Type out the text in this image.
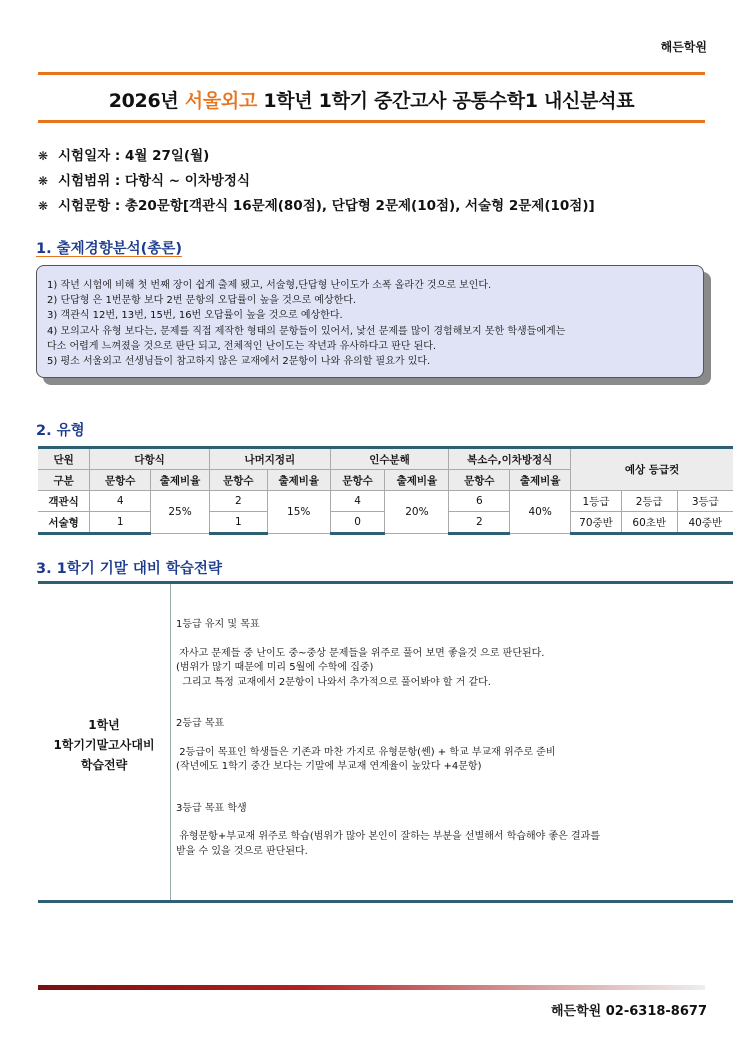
해든학원
2026년 서울외고 1학년 1학기 중간고사 공통수학1 내신분석표
❋ 시험일자 : 4월 27일(월)
❋ 시험범위 : 다항식 ~ 이차방정식
❋ 시험문항 : 총20문항[객관식 16문제(80점), 단답형 2문제(10점), 서술형 2문제(10점)]
1. 출제경향분석(총론)
1) 작년 시험에 비해 첫 번째 장이 쉽게 출제 됐고, 서술형,단답형 난이도가 소폭 올라간 것으로 보인다.
2) 단답형 은 1번문항 보다 2번 문항의 오답률이 높을 것으로 예상한다.
3) 객관식 12번, 13번, 15번, 16번 오답률이 높을 것으로 예상한다.
4) 모의고사 유형 보다는, 문제를 직접 제작한 형태의 문항들이 있어서, 낯선 문제를 많이 경험해보지 못한 학생들에게는
다소 어렵게 느껴졌을 것으로 판단 되고, 전체적인 난이도는 작년과 유사하다고 판단 된다.
5) 평소 서울외고 선생님들이 참고하지 않은 교재에서 2문항이 나와 유의할 필요가 있다.
2. 유형
단원	다항식		나머지정리		인수분해		복소수,이차방정식		예상 등급컷		
구분	문항수	출제비율	문항수	출제비율	문항수	출제비율	문항수	출제비율			
객관식	4	25%	2	15%	4	20%	6	40%	1등급	2등급	3등급
서술형	1		1		0		2		70중반	60초반	40중반
3. 1학기 기말 대비 학습전략
1학년
1학기기말고사대비
학습전략

1등급 유지 및 목표

자사고 문제들 중 난이도 중~중상 문제들을 위주로 풀어 보면 좋을것 으로 판단된다.

(범위가 많기 때문에 미리 5월에 수학에 집중)

그리고 특정 교재에서 2문항이 나와서 추가적으로 풀어봐야 할 거 같다.

2등급 목표

2등급이 목표인 학생들은 기존과 마찬 가지로 유형문항(쎈) + 학교 부교재 위주로 준비

(작년에도 1학기 중간 보다는 기말에 부교재 연계율이 높았다 +4문항)

3등급 목표 학생

유형문항+부교재 위주로 학습(범위가 많아 본인이 잘하는 부분을 선별해서 학습해야 좋은 결과를

받을 수 있을 것으로 판단된다.

해든학원 02-6318-8677
